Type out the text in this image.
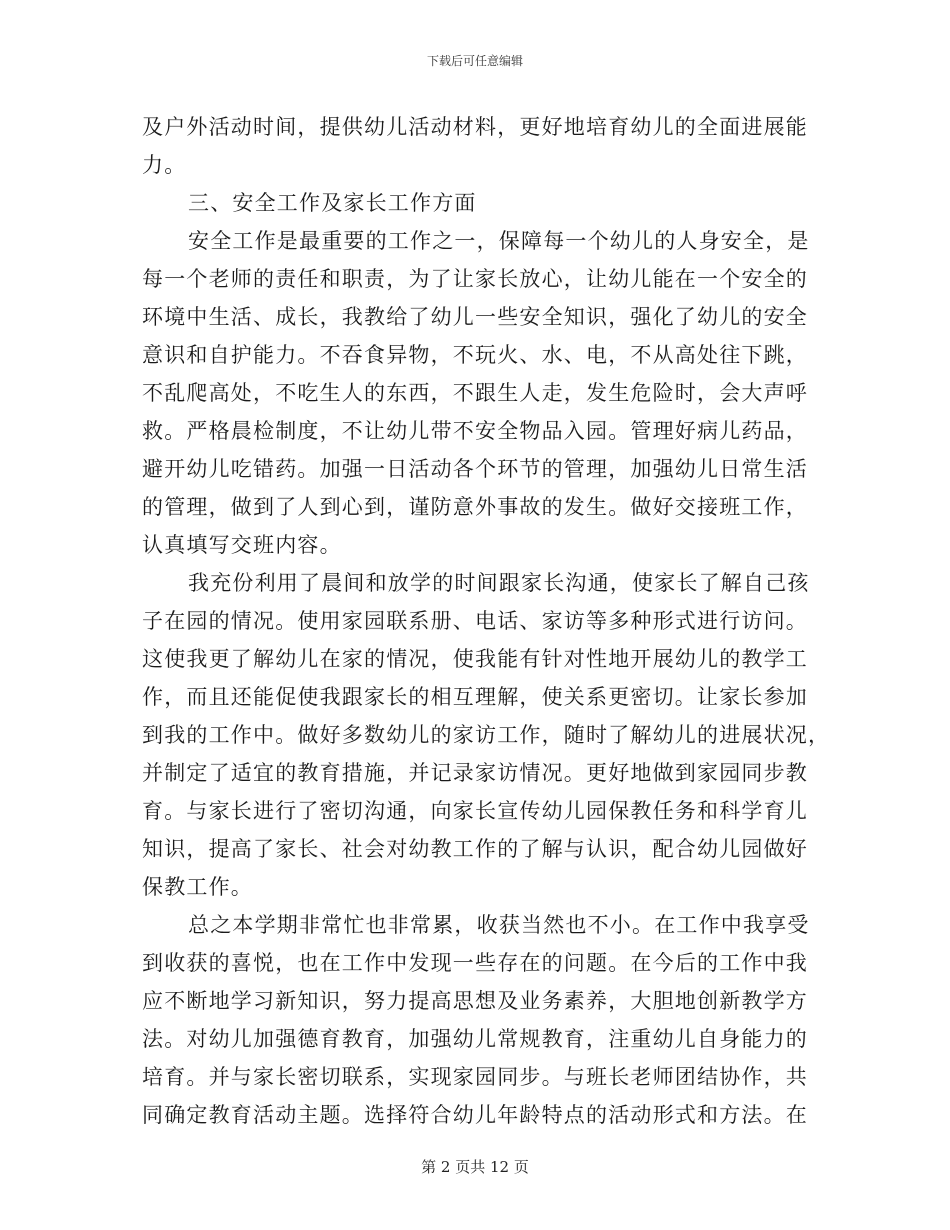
下载后可任意编辑
及户外活动时间，提供幼儿活动材料，更好地培育幼儿的全面进展能
力。
三、安全工作及家长工作方面
安全工作是最重要的工作之一，保障每一个幼儿的人身安全，是
每一个老师的责任和职责，为了让家长放心，让幼儿能在一个安全的
环境中生活、成长，我教给了幼儿一些安全知识，强化了幼儿的安全
意识和自护能力。不吞食异物，不玩火、水、电，不从高处往下跳，
不乱爬高处，不吃生人的东西，不跟生人走，发生危险时，会大声呼
救。严格晨检制度，不让幼儿带不安全物品入园。管理好病儿药品，
避开幼儿吃错药。加强一日活动各个环节的管理，加强幼儿日常生活
的管理，做到了人到心到，谨防意外事故的发生。做好交接班工作，
认真填写交班内容。
我充份利用了晨间和放学的时间跟家长沟通，使家长了解自己孩
子在园的情况。使用家园联系册、电话、家访等多种形式进行访问。
这使我更了解幼儿在家的情况，使我能有针对性地开展幼儿的教学工
作，而且还能促使我跟家长的相互理解，使关系更密切。让家长参加
到我的工作中。做好多数幼儿的家访工作，随时了解幼儿的进展状况，
并制定了适宜的教育措施，并记录家访情况。更好地做到家园同步教
育。与家长进行了密切沟通，向家长宣传幼儿园保教任务和科学育儿
知识，提高了家长、社会对幼教工作的了解与认识，配合幼儿园做好
保教工作。
总之本学期非常忙也非常累，收获当然也不小。在工作中我享受
到收获的喜悦，也在工作中发现一些存在的问题。在今后的工作中我
应不断地学习新知识，努力提高思想及业务素养，大胆地创新教学方
法。对幼儿加强德育教育，加强幼儿常规教育，注重幼儿自身能力的
培育。并与家长密切联系，实现家园同步。与班长老师团结协作，共
同确定教育活动主题。选择符合幼儿年龄特点的活动形式和方法。在
第 2 页共 12 页
